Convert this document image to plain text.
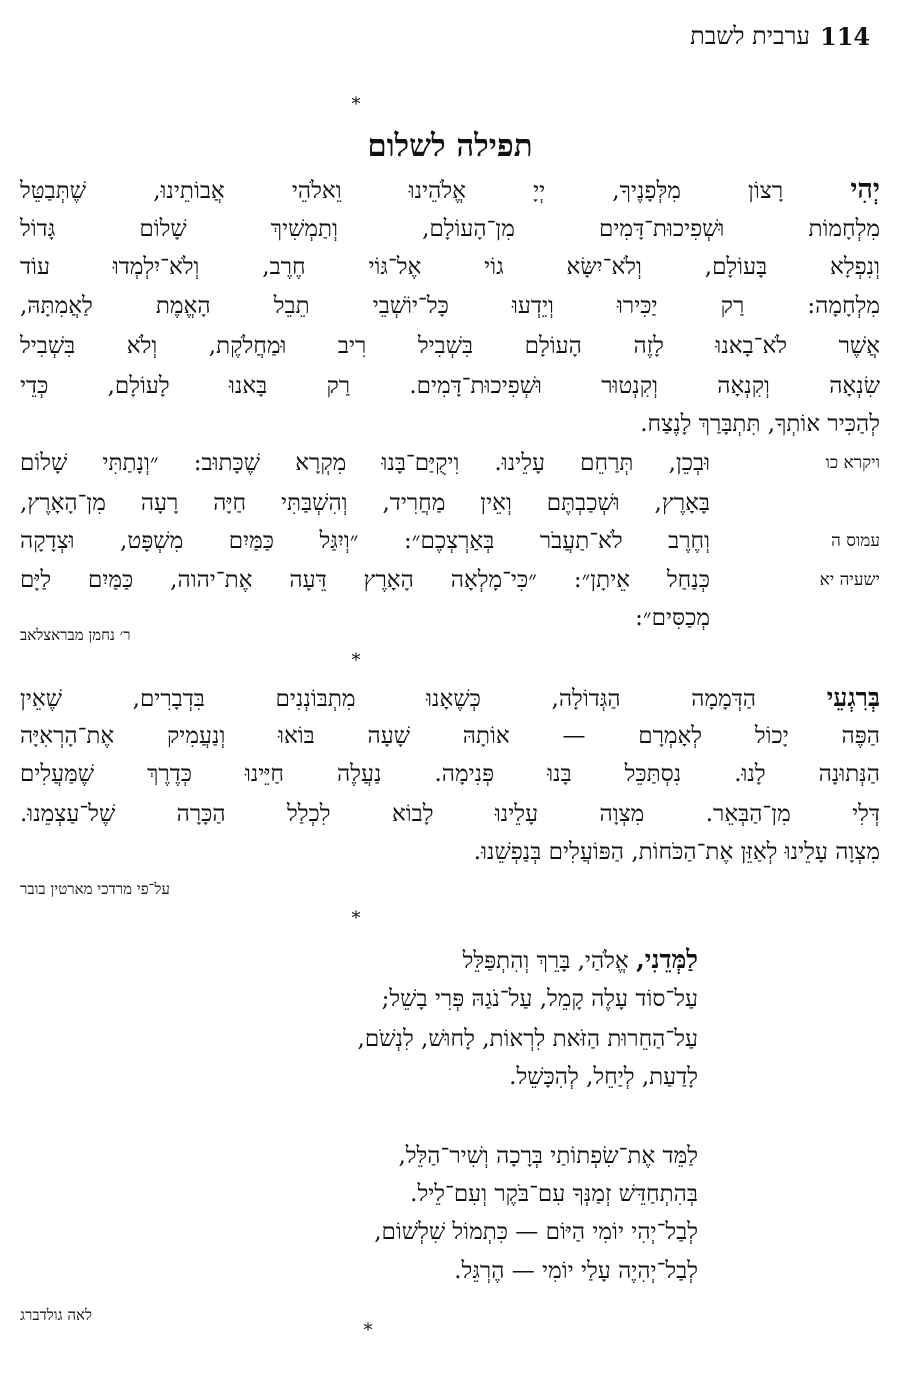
ערבית לשבת 114
*
תפילה לשלום
יְהִי רָצוֹן מִלְּפָנֶיךָ, יְיָ אֱלֹהֵינוּ וֵאלֹהֵי אֲבוֹתֵינוּ, שֶׁתְּבַטֵּל
מִלְחָמוֹת וּשְׁפִיכוּת־דָּמִים מִן־הָעוֹלָם, וְתַמְשִׁיךְ שָׁלוֹם גָּדוֹל
וְנִפְלָא בָּעוֹלָם, וְלֹא־יִשָּׂא גוֹי אֶל־גּוֹי חֶרֶב, וְלֹא־יִלְמְדוּ עוֹד
מִלְחָמָה: רַק יַכִּירוּ וְיֵדְעוּ כָּל־יוֹשְׁבֵי תֵבֵל הָאֱמֶת לַאֲמִתָּהּ,
אֲשֶׁר לֹא־בָאנוּ לָזֶה הָעוֹלָם בִּשְׁבִיל רִיב וּמַחֲלֹקֶת, וְלֹא בִּשְׁבִיל
שִׂנְאָה וְקִנְאָה וְקִנְטוּר וּשְׁפִיכוּת־דָּמִים. רַק בָּאנוּ לָעוֹלָם, כְּדֵי
לְהַכִּיר אוֹתְךָ, תִּתְבָּרַךְ לָנֶצַח.
וּבְכֵן, תְּרַחֵם עָלֵינוּ. וִיקֻיַּם־בָּנוּ מִקְרָא שֶׁכָּתוּב: ״וְנָתַתִּי שָׁלוֹם
בָּאָרֶץ, וּשְׁכַבְתֶּם וְאֵין מַחֲרִיד, וְהִשְׁבַּתִּי חַיָּה רָעָה מִן־הָאָרֶץ,
וְחֶרֶב לֹא־תַעֲבֹר בְּאַרְצְכֶם״: ״וְיִגַּל כַּמַּיִם מִשְׁפָּט, וּצְדָקָה
כְּנַחַל אֵיתָן״: ״כִּי־מָלְאָה הָאָרֶץ דֵּעָה אֶת־יהוה, כַּמַּיִם לַיָּם
מְכַסִּים״:
ויקרא כו
עמוס ה
ישעיה יא
ר׳ נחמן מבראצלאב
*
בְּרִגְעֵי הַדְּמָמָה הַגְּדוֹלָה, כְּשֶׁאָנוּ מִתְבּוֹנְנִים בִּדְבָרִים, שֶׁאֵין
הַפֶּה יָכוֹל לְאָמְרָם — אוֹתָהּ שָׁעָה בּוֹאוּ וְנַעֲמִיק אֶת־הָרְאִיָּה
הַנְּתוּנָה לָנוּ. נִסְתַּכֵּל בָּנוּ פְּנִימָה. נַעֲלֶה חַיֵּינוּ כְּדֶרֶךְ שֶׁמַּעֲלִים
דְּלִי מִן־הַבְּאֵר. מִצְוָה עָלֵינוּ לָבוֹא לִכְלַל הַכָּרָה שֶׁל־עַצְמֵנוּ.
מִצְוָה עָלֵינוּ לְאַזֵּן אֶת־הַכֹּחוֹת, הַפּוֹעֲלִים בְּנַפְשֵׁנוּ.
על־פי מרדכי מארטין בובר
*
לַמְּדֵנִי, אֱלֹהַי, בָּרֵךְ וְהִתְפַּלֵּל
עַל־סוֹד עָלֶה קָמֵל, עַל־נֹגַהּ פְּרִי בָשֵׁל;
עַל־הַחֵרוּת הַזֹּאת לִרְאוֹת, לָחוּשׁ, לִנְשֹׁם,
לָדַעַת, לְיַחֵל, לְהִכָּשֵׁל.
לַמֵּד אֶת־שִׂפְתוֹתַי בְּרָכָה וְשִׁיר־הַלֵּל,
בְּהִתְחַדֵּשׁ זְמַנְּךָ עִם־בֹּקֶר וְעִם־לֵיל.
לְבַל־יְהִי יוֹמִי הַיּוֹם — כִּתְמוֹל שִׁלְשׁוֹם,
לְבַל־יְהִיֶה עָלַי יוֹמִי — הֶרְגֵּל.
לאה גולדברג
*
